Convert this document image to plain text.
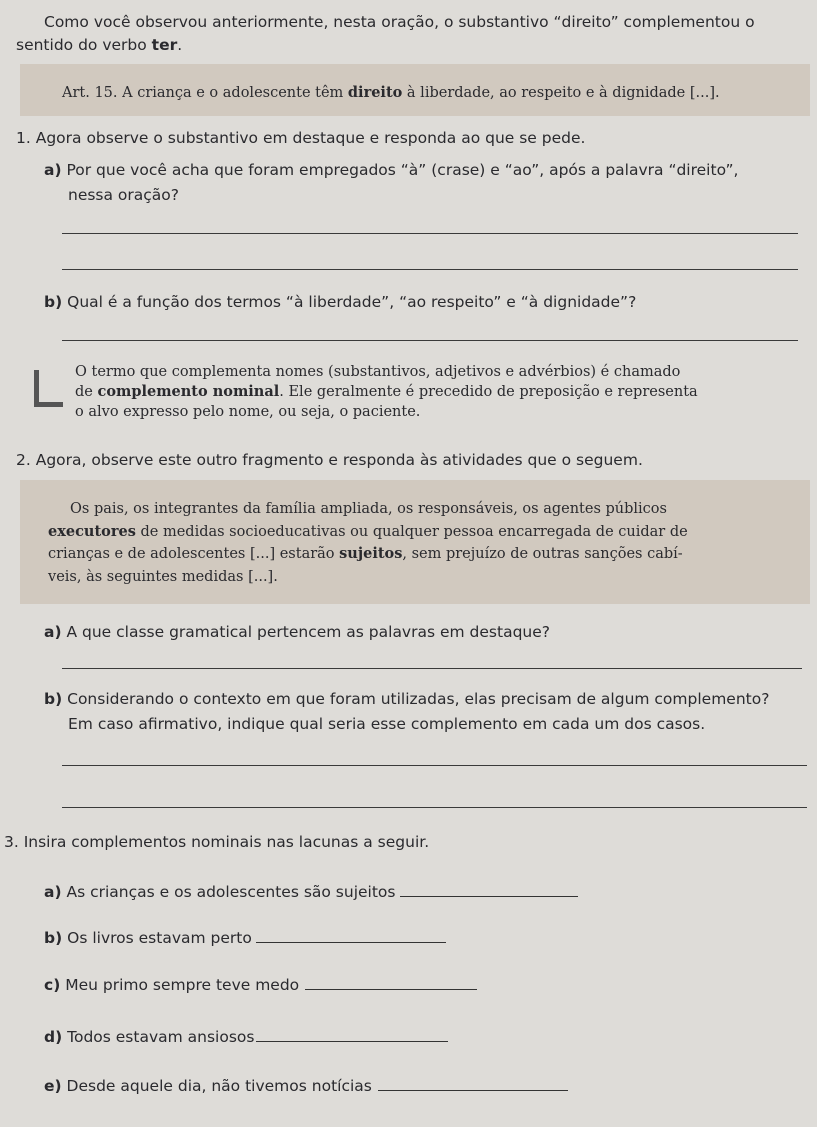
Como você observou anteriormente, nesta oração, o substantivo “direito” complementou o

sentido do verbo ter.
Art. 15. A criança e o adolescente têm direito à liberdade, ao respeito e à dignidade [...].
1. Agora observe o substantivo em destaque e responda ao que se pede.

a) Por que você acha que foram empregados “à” (crase) e “ao”, após a palavra “direito”,

nessa oração?
b) Qual é a função dos termos “à liberdade”, “ao respeito” e “à dignidade”?

O termo que complementa nomes (substantivos, adjetivos e advérbios) é chamado

de complemento nominal. Ele geralmente é precedido de preposição e representa

o alvo expresso pelo nome, ou seja, o paciente.

2. Agora, observe este outro fragmento e responda às atividades que o seguem.

Os pais, os integrantes da família ampliada, os responsáveis, os agentes públicos

executores de medidas socioeducativas ou qualquer pessoa encarregada de cuidar de

crianças e de adolescentes [...] estarão sujeitos, sem prejuízo de outras sanções cabí-

veis, às seguintes medidas [...].

a) A que classe gramatical pertencem as palavras em destaque?

b) Considerando o contexto em que foram utilizadas, elas precisam de algum complemento?

Em caso afirmativo, indique qual seria esse complemento em cada um dos casos.
3. Insira complementos nominais nas lacunas a seguir.
a) As crianças e os adolescentes são sujeitos
b) Os livros estavam perto
c) Meu primo sempre teve medo
d) Todos estavam ansiosos
e) Desde aquele dia, não tivemos notícias
